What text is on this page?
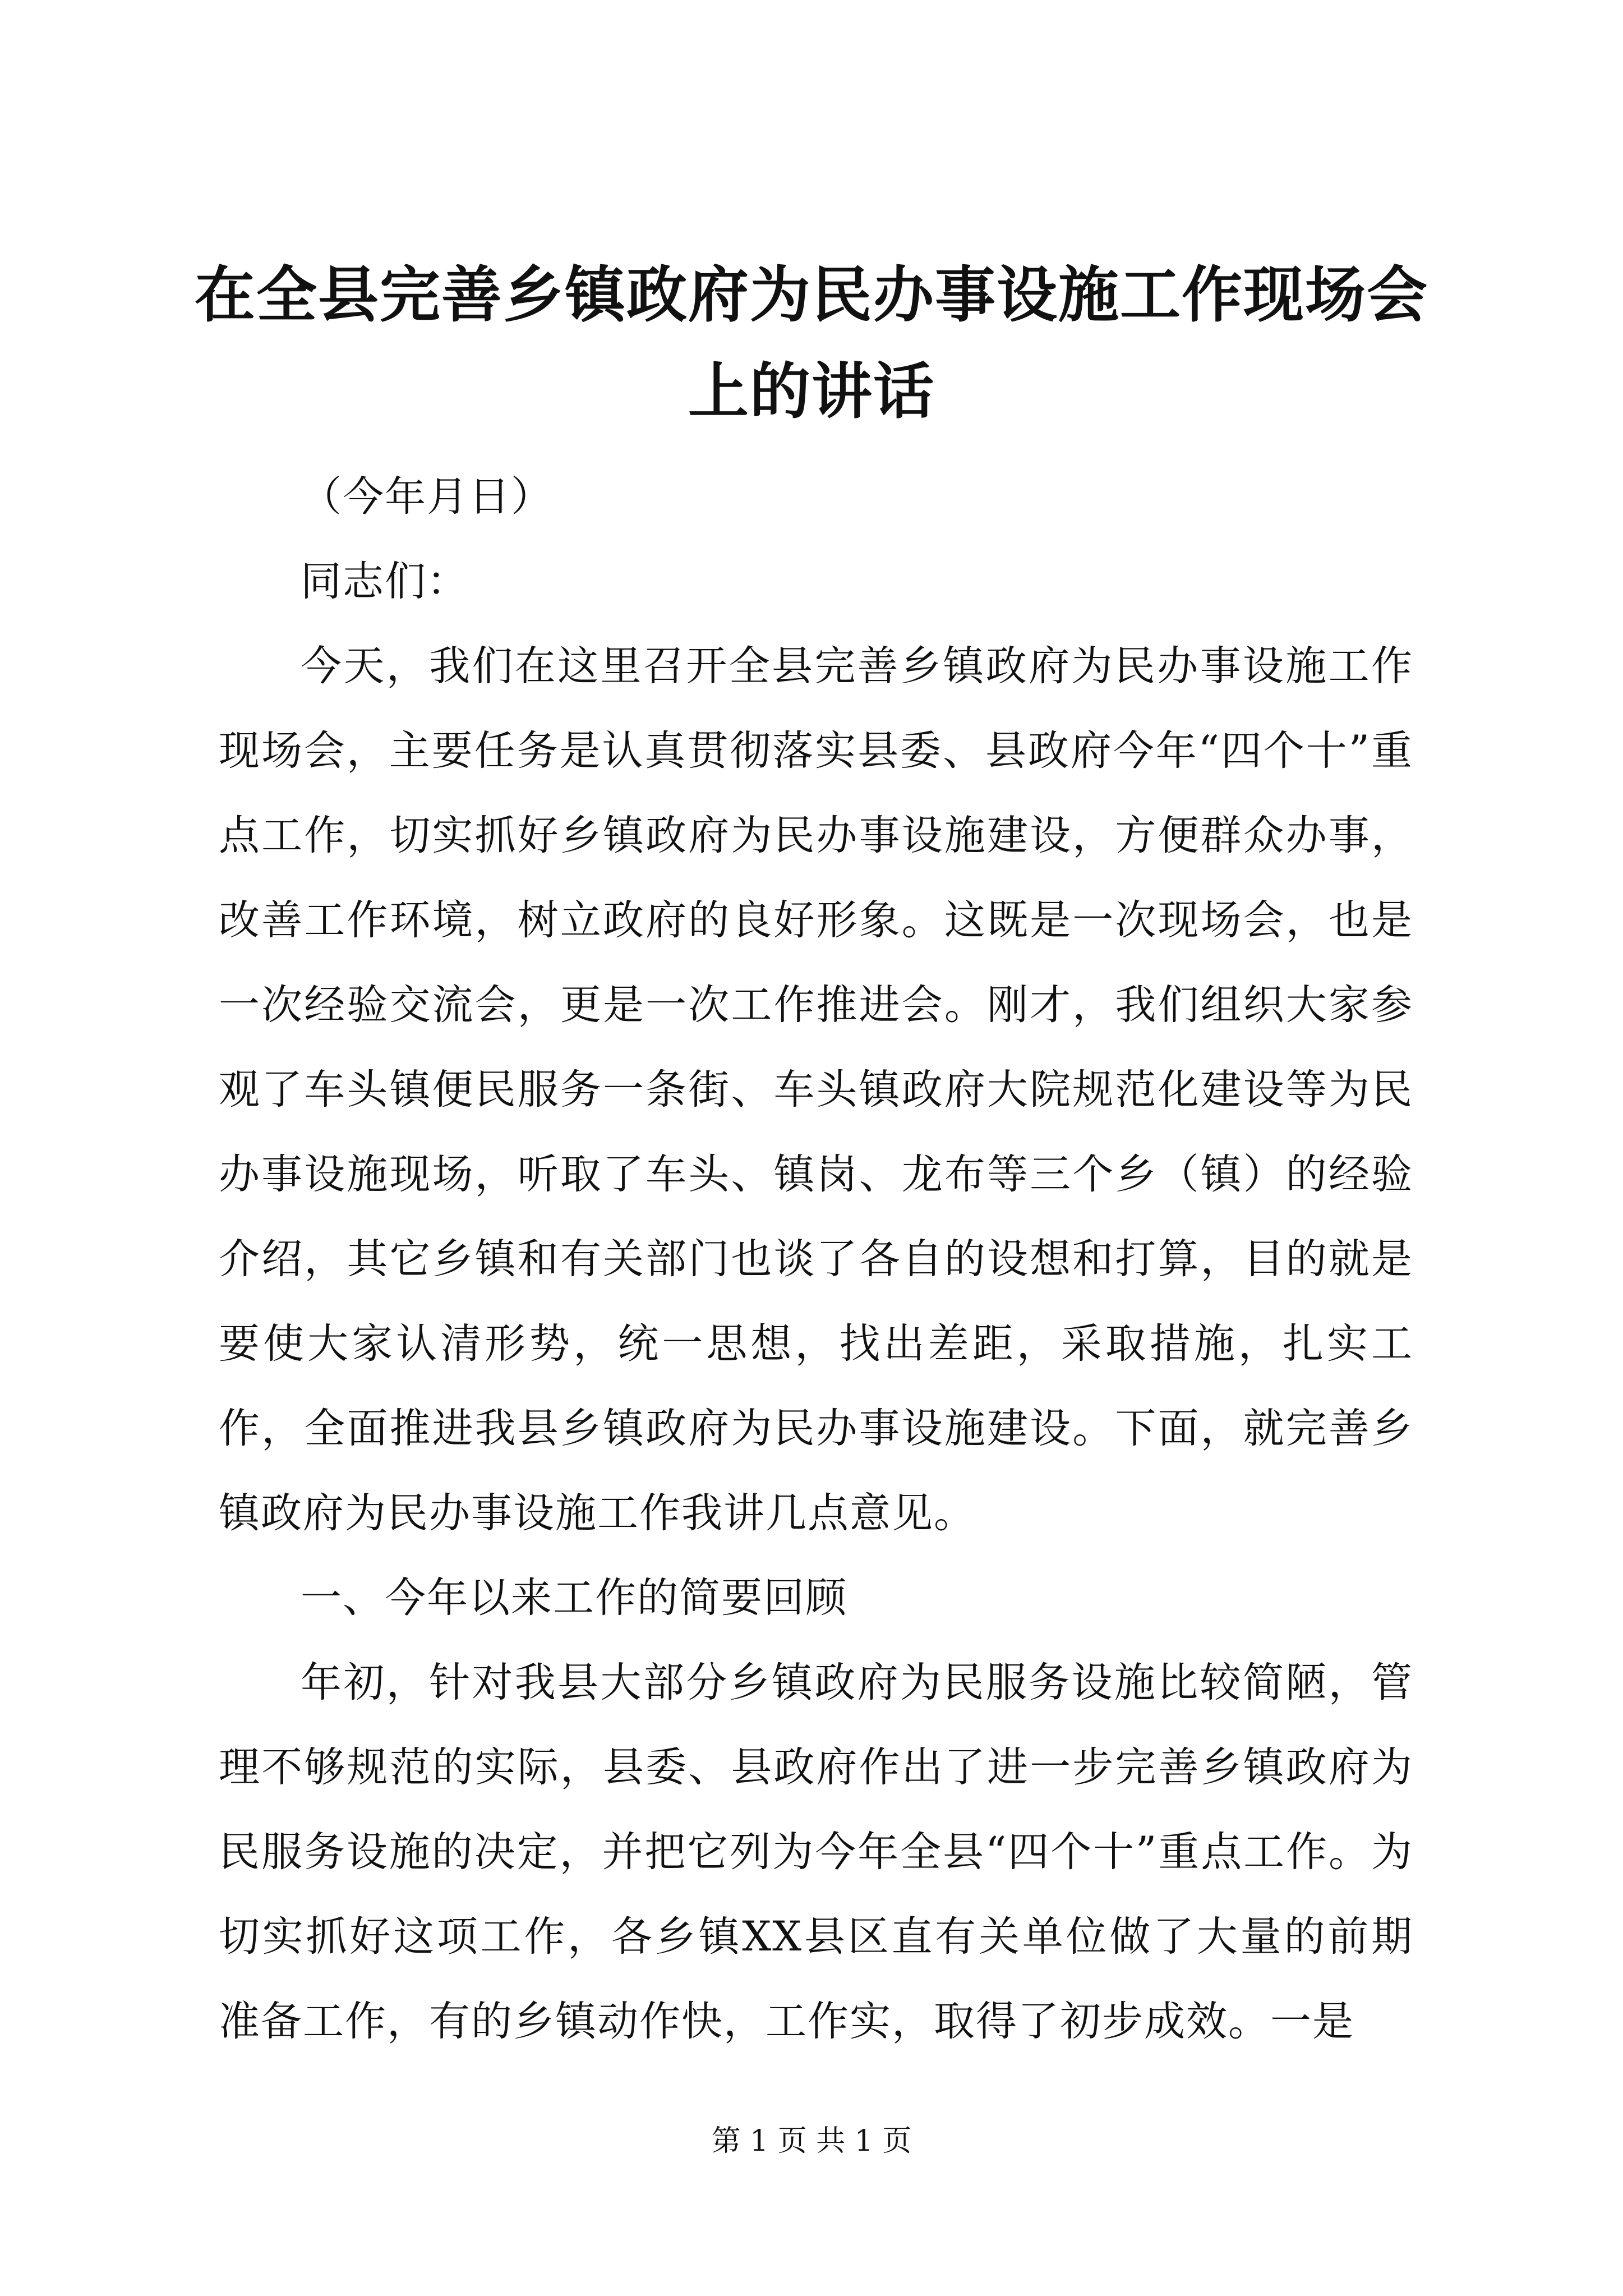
在全县完善乡镇政府为民办事设施工作现场会上的讲话

（今年月日）

同志们：

今天，我们在这里召开全县完善乡镇政府为民办事设施工作现场会，主要任务是认真贯彻落实县委、县政府今年“四个十”重点工作，切实抓好乡镇政府为民办事设施建设，方便群众办事，改善工作环境，树立政府的良好形象。这既是一次现场会，也是一次经验交流会，更是一次工作推进会。刚才，我们组织大家参观了车头镇便民服务一条街、车头镇政府大院规范化建设等为民办事设施现场，听取了车头、镇岗、龙布等三个乡（镇）的经验介绍，其它乡镇和有关部门也谈了各自的设想和打算，目的就是要使大家认清形势，统一思想，找出差距，采取措施，扎实工作，全面推进我县乡镇政府为民办事设施建设。下面，就完善乡镇政府为民办事设施工作我讲几点意见。

一、今年以来工作的简要回顾

年初，针对我县大部分乡镇政府为民服务设施比较简陋，管理不够规范的实际，县委、县政府作出了进一步完善乡镇政府为民服务设施的决定，并把它列为今年全县“四个十”重点工作。为切实抓好这项工作，各乡镇XX县区直有关单位做了大量的前期准备工作，有的乡镇动作快，工作实，取得了初步成效。一是

第 1 页 共 1 页
